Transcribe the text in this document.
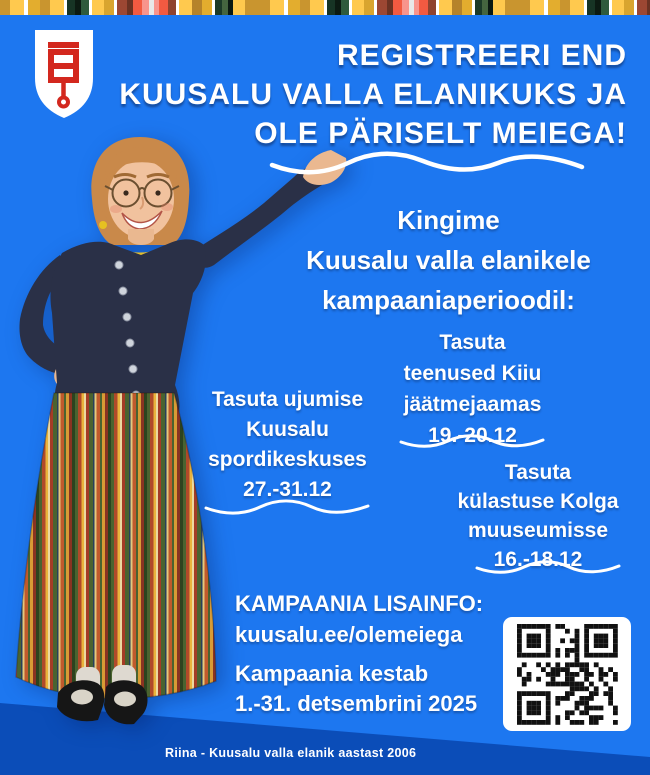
REGISTREERI END
KUUSALU VALLA ELANIKUKS JA
OLE PÄRISELT MEIEGA!
Kingime
Kuusalu valla elanikele
kampaaniaperioodil:
Tasuta
teenused Kiiu
jäätmejaamas
19.-20.12
Tasuta ujumise
Kuusalu
spordikeskuses
27.-31.12
Tasuta
külastuse Kolga
muuseumisse
16.-18.12
KAMPAANIA LISAINFO:
kuusalu.ee/olemeiega
Kampaania kestab
1.-31. detsembrini 2025
Riina - Kuusalu valla elanik aastast 2006
